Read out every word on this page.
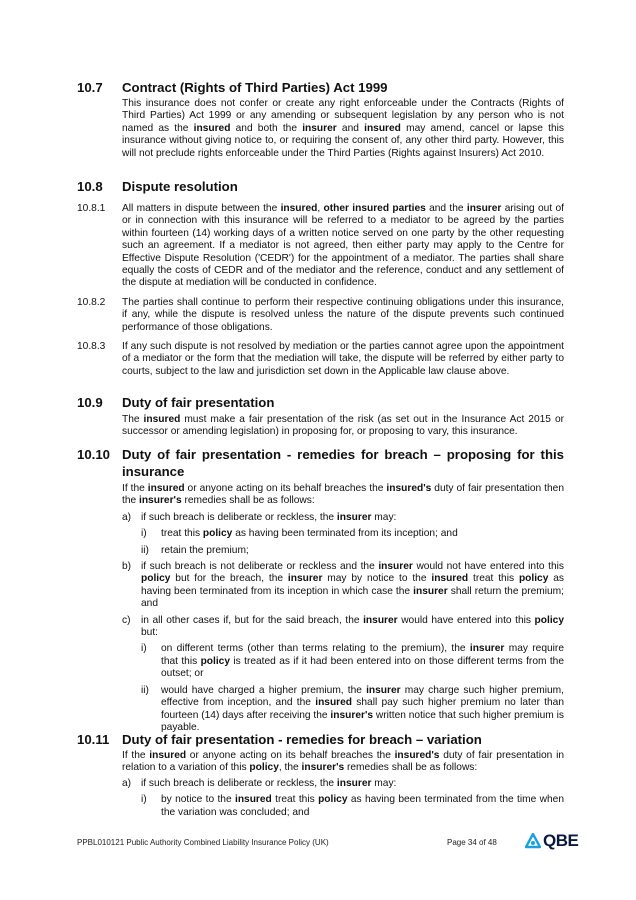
10.7 Contract (Rights of Third Parties) Act 1999
This insurance does not confer or create any right enforceable under the Contracts (Rights of Third Parties) Act 1999 or any amending or subsequent legislation by any person who is not named as the insured and both the insurer and insured may amend, cancel or lapse this insurance without giving notice to, or requiring the consent of, any other third party. However, this will not preclude rights enforceable under the Third Parties (Rights against Insurers) Act 2010.
10.8 Dispute resolution
10.8.1 All matters in dispute between the insured, other insured parties and the insurer arising out of or in connection with this insurance will be referred to a mediator to be agreed by the parties within fourteen (14) working days of a written notice served on one party by the other requesting such an agreement. If a mediator is not agreed, then either party may apply to the Centre for Effective Dispute Resolution ('CEDR') for the appointment of a mediator. The parties shall share equally the costs of CEDR and of the mediator and the reference, conduct and any settlement of the dispute at mediation will be conducted in confidence.
10.8.2 The parties shall continue to perform their respective continuing obligations under this insurance, if any, while the dispute is resolved unless the nature of the dispute prevents such continued performance of those obligations.
10.8.3 If any such dispute is not resolved by mediation or the parties cannot agree upon the appointment of a mediator or the form that the mediation will take, the dispute will be referred by either party to courts, subject to the law and jurisdiction set down in the Applicable law clause above.
10.9 Duty of fair presentation
The insured must make a fair presentation of the risk (as set out in the Insurance Act 2015 or successor or amending legislation) in proposing for, or proposing to vary, this insurance.
10.10 Duty of fair presentation - remedies for breach – proposing for this insurance
If the insured or anyone acting on its behalf breaches the insured's duty of fair presentation then the insurer's remedies shall be as follows:
a) if such breach is deliberate or reckless, the insurer may:
i) treat this policy as having been terminated from its inception; and
ii) retain the premium;
b) if such breach is not deliberate or reckless and the insurer would not have entered into this policy but for the breach, the insurer may by notice to the insured treat this policy as having been terminated from its inception in which case the insurer shall return the premium; and
c) in all other cases if, but for the said breach, the insurer would have entered into this policy but:
i) on different terms (other than terms relating to the premium), the insurer may require that this policy is treated as if it had been entered into on those different terms from the outset; or
ii) would have charged a higher premium, the insurer may charge such higher premium, effective from inception, and the insured shall pay such higher premium no later than fourteen (14) days after receiving the insurer's written notice that such higher premium is payable.
10.11 Duty of fair presentation - remedies for breach – variation
If the insured or anyone acting on its behalf breaches the insured's duty of fair presentation in relation to a variation of this policy, the insurer's remedies shall be as follows:
a) if such breach is deliberate or reckless, the insurer may:
i) by notice to the insured treat this policy as having been terminated from the time when the variation was concluded; and
PPBL010121 Public Authority Combined Liability Insurance Policy (UK)	Page 34 of 48	QBE
